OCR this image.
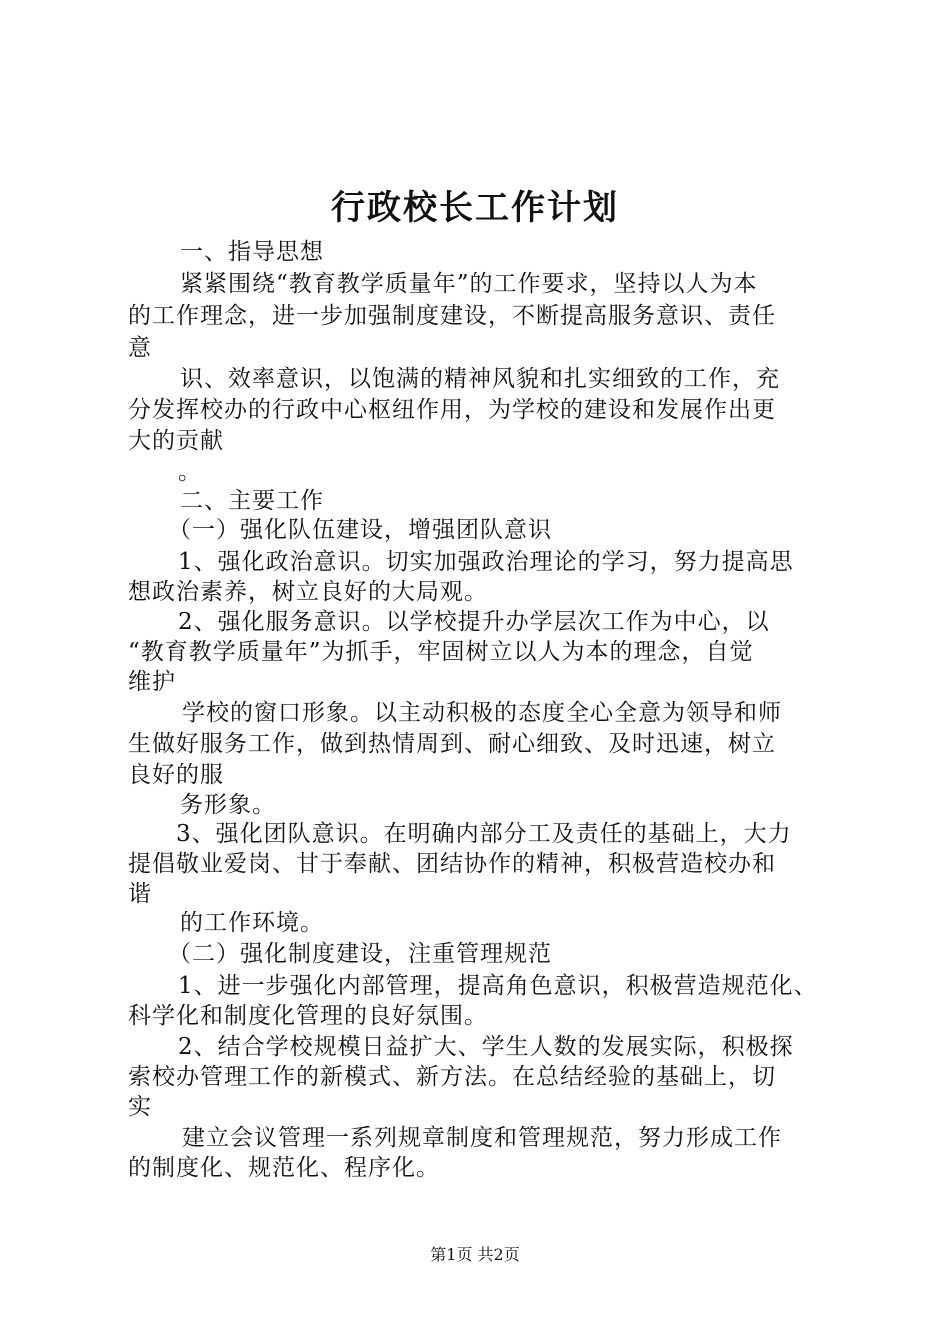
行政校长工作计划
一、指导思想
紧紧围绕“教育教学质量年”的工作要求，坚持以人为本
的工作理念，进一步加强制度建设，不断提高服务意识、责任
意
识、效率意识，以饱满的精神风貌和扎实细致的工作，充
分发挥校办的行政中心枢纽作用，为学校的建设和发展作出更
大的贡献
。
二、主要工作
（一）强化队伍建设，增强团队意识
1、强化政治意识。切实加强政治理论的学习，努力提高思
想政治素养，树立良好的大局观。
2、强化服务意识。以学校提升办学层次工作为中心，以
“教育教学质量年”为抓手，牢固树立以人为本的理念，自觉
维护
学校的窗口形象。以主动积极的态度全心全意为领导和师
生做好服务工作，做到热情周到、耐心细致、及时迅速，树立
良好的服
务形象。
3、强化团队意识。在明确内部分工及责任的基础上，大力
提倡敬业爱岗、甘于奉献、团结协作的精神，积极营造校办和
谐
的工作环境。
（二）强化制度建设，注重管理规范
1、进一步强化内部管理，提高角色意识，积极营造规范化、
科学化和制度化管理的良好氛围。
2、结合学校规模日益扩大、学生人数的发展实际，积极探
索校办管理工作的新模式、新方法。在总结经验的基础上，切
实
建立会议管理一系列规章制度和管理规范，努力形成工作
的制度化、规范化、程序化。
第1页 共2页
